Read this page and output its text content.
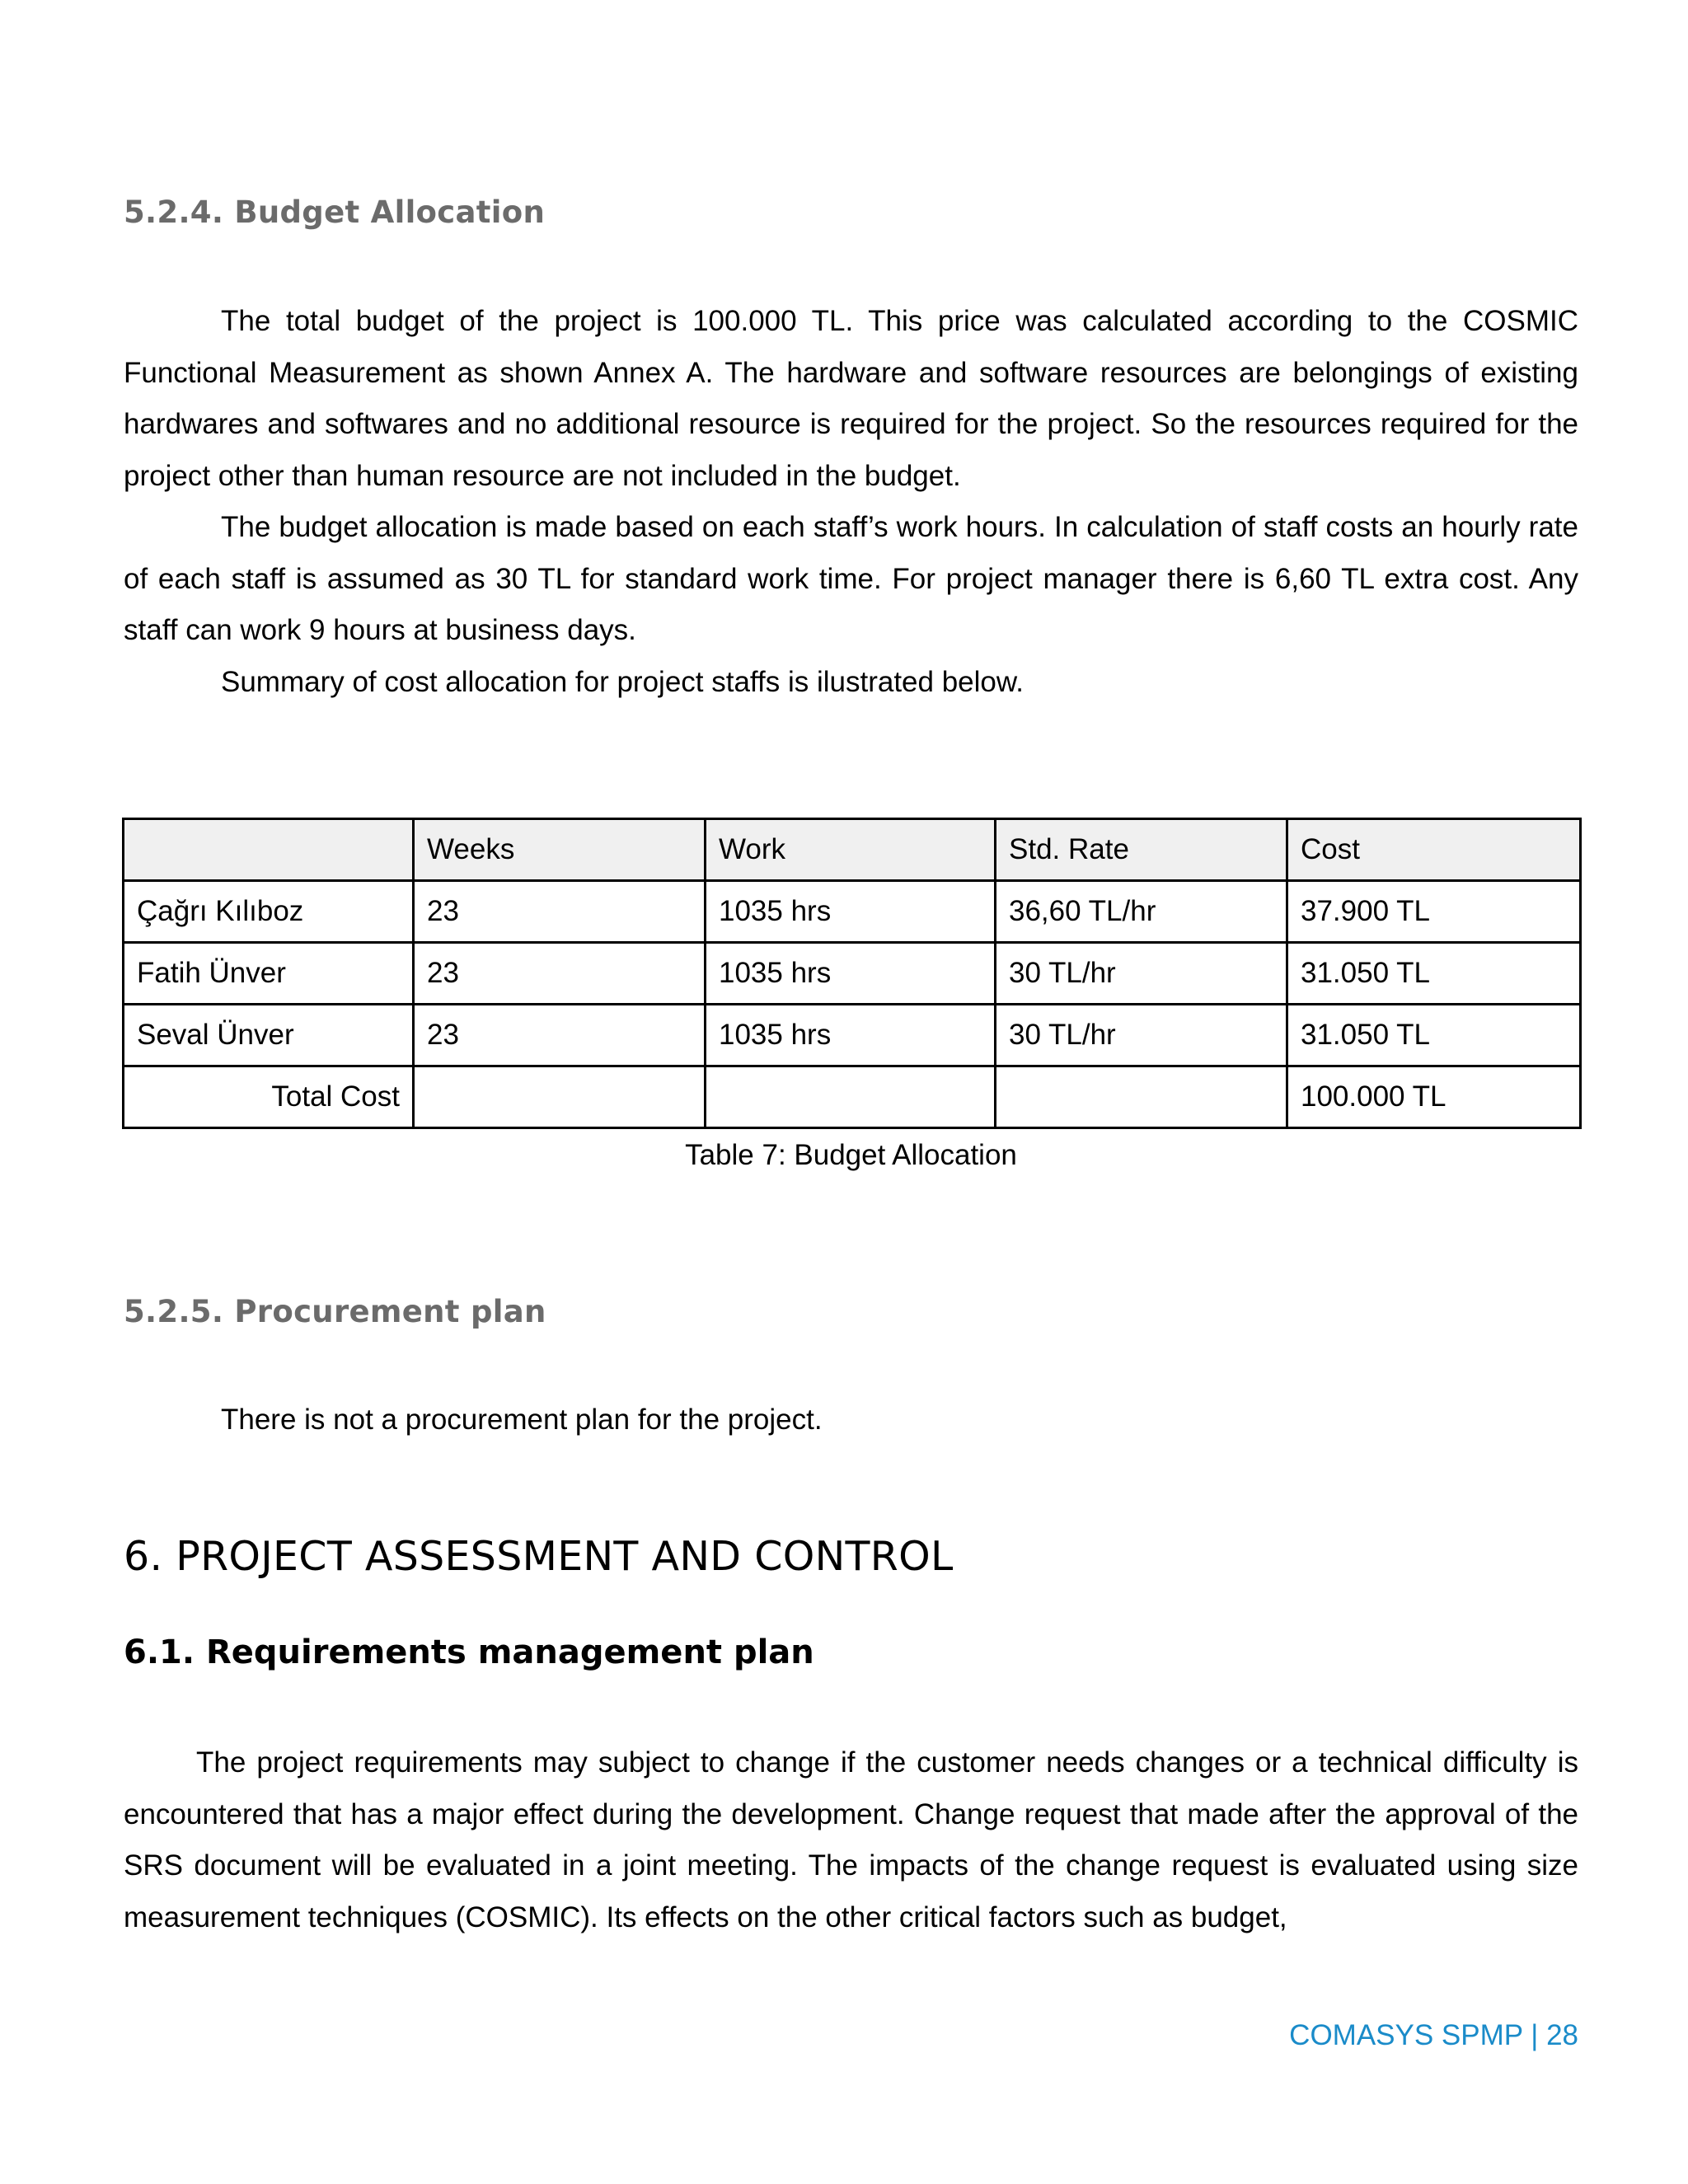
5.2.4. Budget Allocation
The total budget of the project is 100.000 TL. This price was calculated according to the COSMIC Functional Measurement as shown Annex A. The hardware and software resources are belongings of existing hardwares and softwares and no additional resource is required for the project. So the resources required for the project other than human resource are not included in the budget.
The budget allocation is made based on each staff’s work hours. In calculation of staff costs an hourly rate of each staff is assumed as 30 TL for standard work time. For project manager there is 6,60 TL extra cost. Any staff can work 9 hours at business days.
Summary of cost allocation for project staffs is ilustrated below.
	Weeks	Work	Std. Rate	Cost
Çağrı Kılıboz	23	1035 hrs	36,60 TL/hr	37.900 TL
Fatih Ünver	23	1035 hrs	30 TL/hr	31.050 TL
Seval Ünver	23	1035 hrs	30 TL/hr	31.050 TL
Total Cost				100.000 TL
Table 7: Budget Allocation
5.2.5. Procurement plan
There is not a procurement plan for the project.
6. PROJECT ASSESSMENT AND CONTROL
6.1. Requirements management plan
The project requirements may subject to change if the customer needs changes or a technical difficulty is encountered that has a major effect during the development. Change request that made after the approval of the SRS document will be evaluated in a joint meeting. The impacts of the change request is evaluated using size measurement techniques (COSMIC). Its effects on the other critical factors such as budget,
COMASYS SPMP | 28
